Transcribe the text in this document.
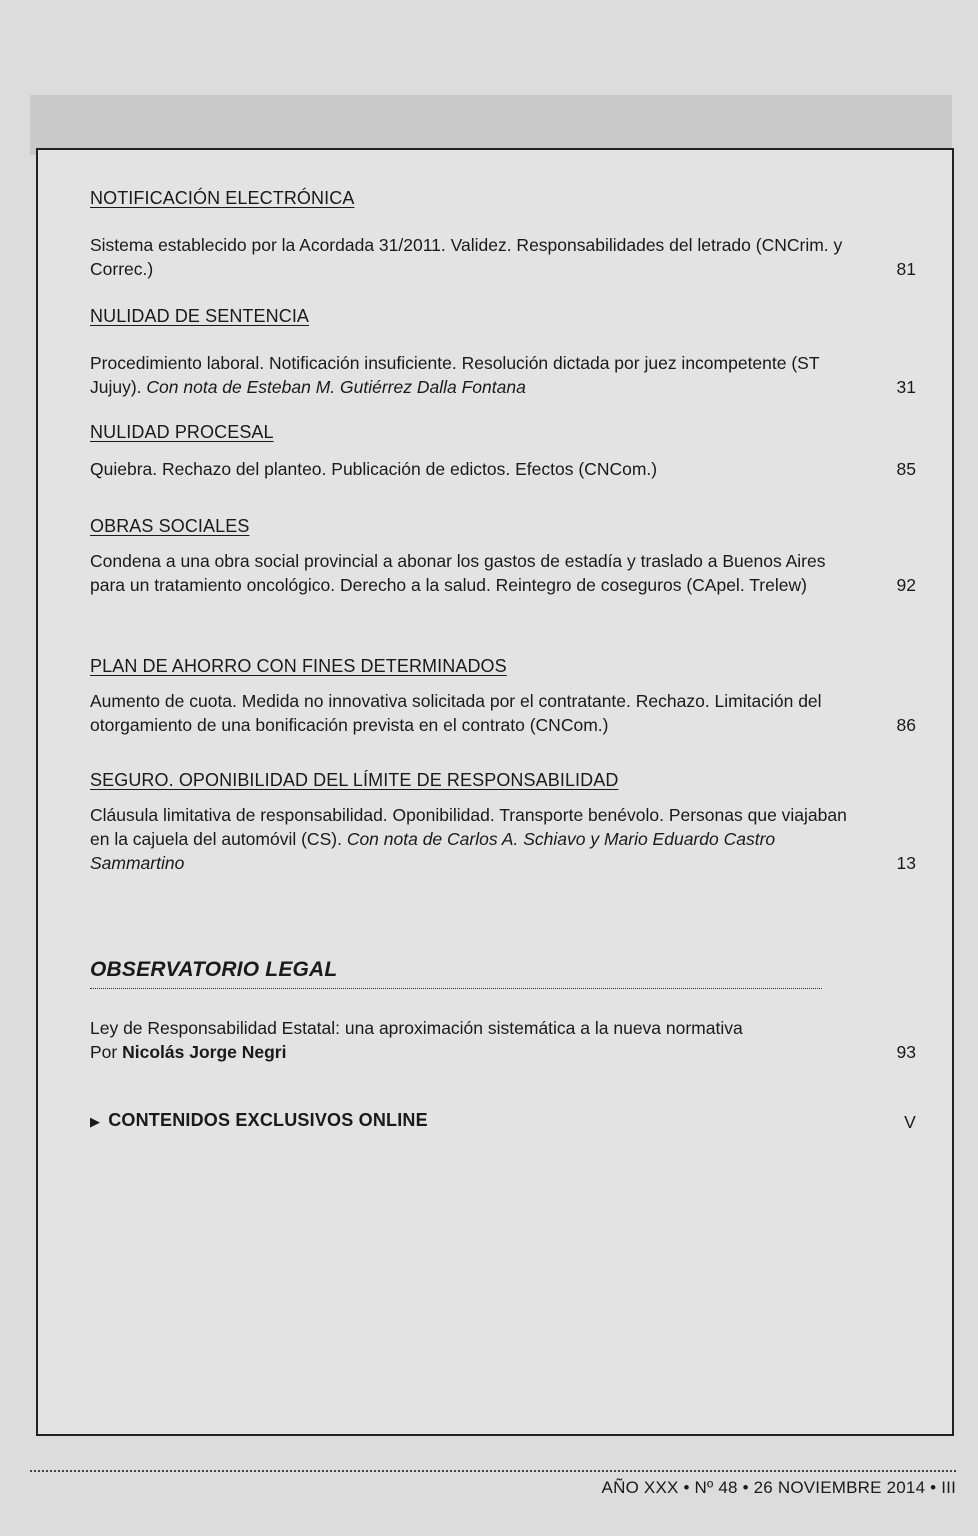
NOTIFICACIÓN ELECTRÓNICA

Sistema establecido por la Acordada 31/2011. Validez. Responsabilidades del letrado (CNCrim. y Correc.)	81

NULIDAD DE SENTENCIA

Procedimiento laboral. Notificación insuficiente. Resolución dictada por juez incompetente (ST Jujuy). Con nota de Esteban M. Gutiérrez Dalla Fontana	31

NULIDAD PROCESAL

Quiebra. Rechazo del planteo. Publicación de edictos. Efectos (CNCom.)	85

OBRAS SOCIALES

Condena a una obra social provincial a abonar los gastos de estadía y traslado a Buenos Aires para un tratamiento oncológico. Derecho a la salud. Reintegro de coseguros (CApel. Trelew)	92

PLAN DE AHORRO CON FINES DETERMINADOS

Aumento de cuota. Medida no innovativa solicitada por el contratante. Rechazo. Limitación del otorgamiento de una bonificación prevista en el contrato (CNCom.)	86

SEGURO. OPONIBILIDAD DEL LÍMITE DE RESPONSABILIDAD

Cláusula limitativa de responsabilidad. Oponibilidad. Transporte benévolo. Personas que viajaban en la cajuela del automóvil (CS). Con nota de Carlos A. Schiavo y Mario Eduardo Castro Sammartino	13
OBSERVATORIO LEGAL

Ley de Responsabilidad Estatal: una aproximación sistemática a la nueva normativa
Por Nicolás Jorge Negri	93
▶ CONTENIDOS EXCLUSIVOS ONLINE	V
AÑO XXX • Nº 48 • 26 NOVIEMBRE 2014 • III
